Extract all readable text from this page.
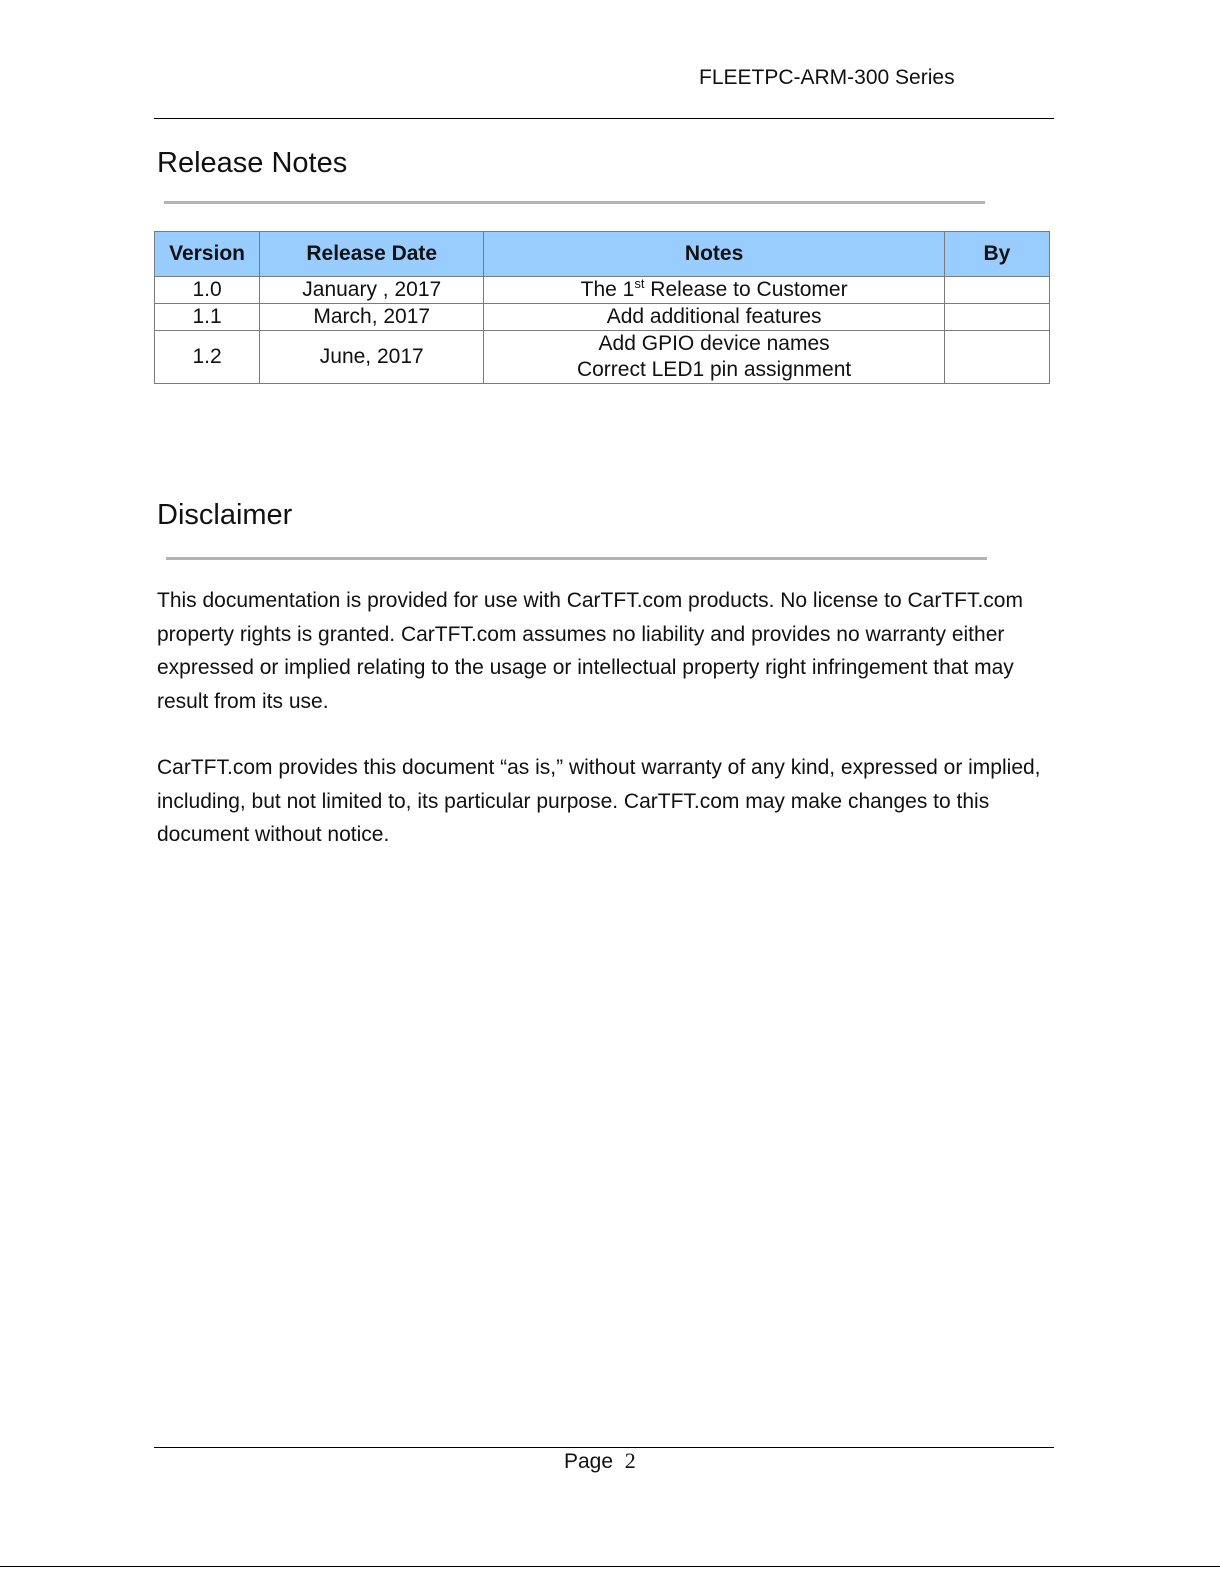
FLEETPC-ARM-300 Series
Release Notes
Version	Release Date	Notes	By
1.0	January , 2017	The 1st Release to Customer	
1.1	March, 2017	Add additional features	
1.2	June, 2017	Add GPIO device names
Correct LED1 pin assignment	

Disclaimer

This documentation is provided for use with CarTFT.com products. No license to CarTFT.com property rights is granted. CarTFT.com assumes no liability and provides no warranty either expressed or implied relating to the usage or intellectual property right infringement that may result from its use.

CarTFT.com provides this document “as is,” without warranty of any kind, expressed or implied, including, but not limited to, its particular purpose. CarTFT.com may make changes to this document without notice.

Page 2
